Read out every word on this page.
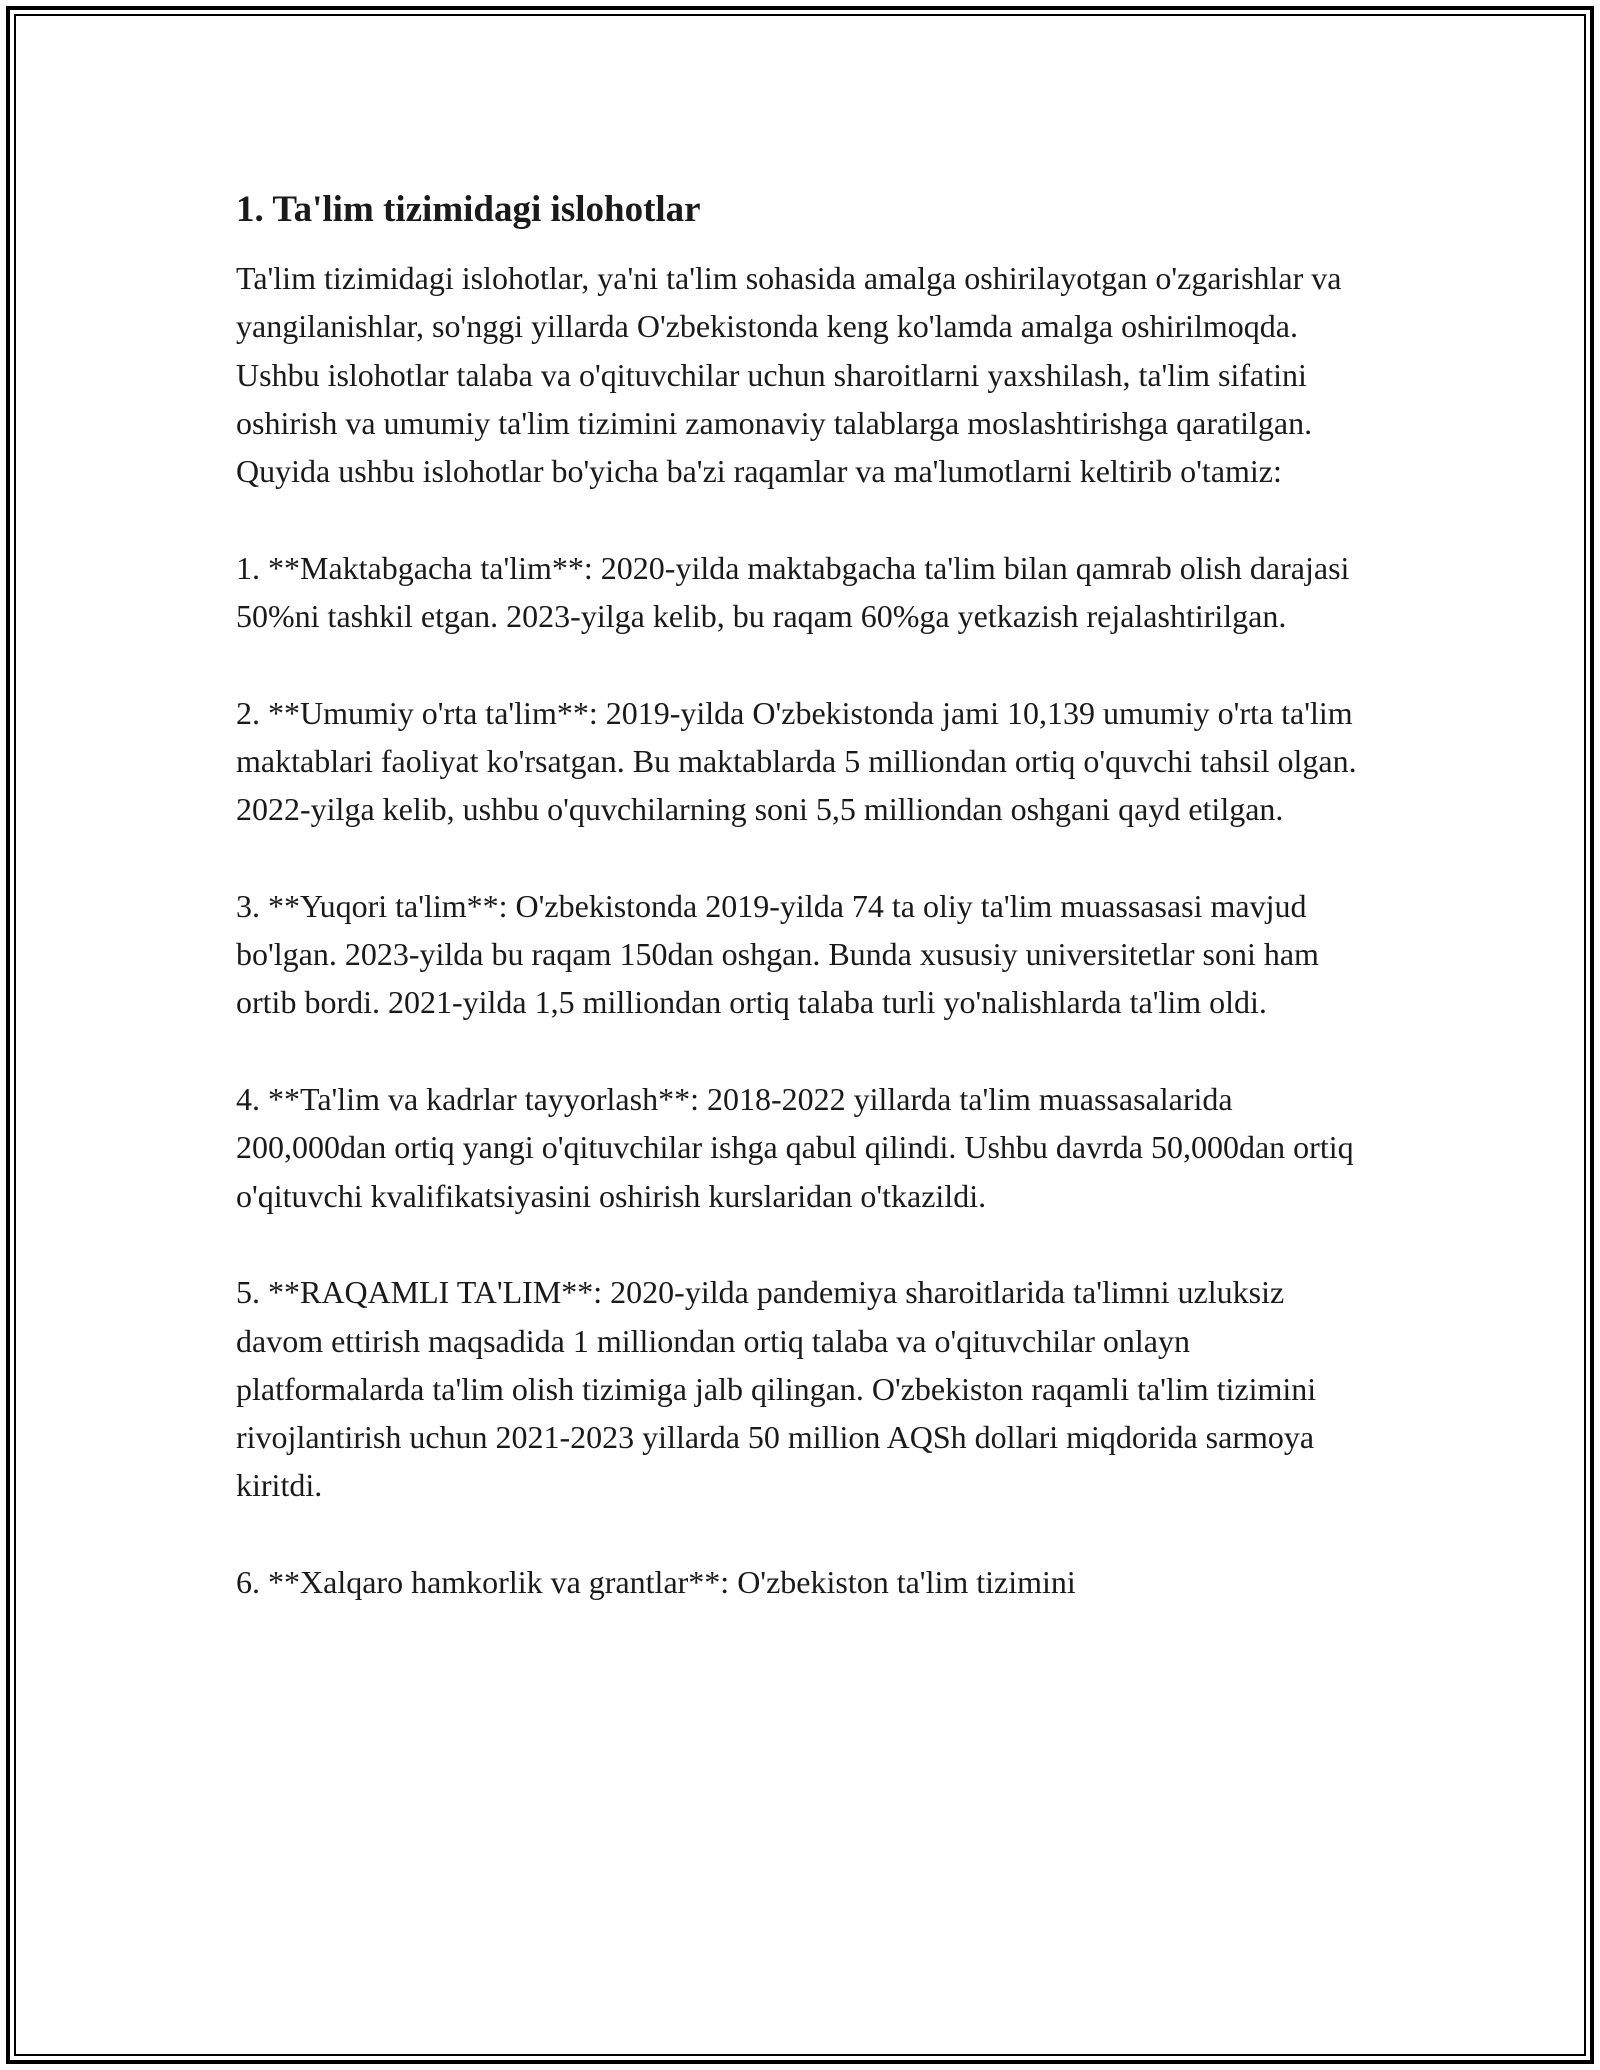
1. Ta'lim tizimidagi islohotlar

Ta'lim tizimidagi islohotlar, ya'ni ta'lim sohasida amalga oshirilayotgan o'zgarishlar va yangilanishlar, so'nggi yillarda O'zbekistonda keng ko'lamda amalga oshirilmoqda. Ushbu islohotlar talaba va o'qituvchilar uchun sharoitlarni yaxshilash, ta'lim sifatini oshirish va umumiy ta'lim tizimini zamonaviy talablarga moslashtirishga qaratilgan. Quyida ushbu islohotlar bo'yicha ba'zi raqamlar va ma'lumotlarni keltirib o'tamiz:

1. **Maktabgacha ta'lim**: 2020-yilda maktabgacha ta'lim bilan qamrab olish darajasi 50%ni tashkil etgan. 2023-yilga kelib, bu raqam 60%ga yetkazish rejalashtirilgan.

2. **Umumiy o'rta ta'lim**: 2019-yilda O'zbekistonda jami 10,139 umumiy o'rta ta'lim maktablari faoliyat ko'rsatgan. Bu maktablarda 5 milliondan ortiq o'quvchi tahsil olgan. 2022-yilga kelib, ushbu o'quvchilarning soni 5,5 milliondan oshgani qayd etilgan.

3. **Yuqori ta'lim**: O'zbekistonda 2019-yilda 74 ta oliy ta'lim muassasasi mavjud bo'lgan. 2023-yilda bu raqam 150dan oshgan. Bunda xususiy universitetlar soni ham ortib bordi. 2021-yilda 1,5 milliondan ortiq talaba turli yo'nalishlarda ta'lim oldi.

4. **Ta'lim va kadrlar tayyorlash**: 2018-2022 yillarda ta'lim muassasalarida 200,000dan ortiq yangi o'qituvchilar ishga qabul qilindi. Ushbu davrda 50,000dan ortiq o'qituvchi kvalifikatsiyasini oshirish kurslaridan o'tkazildi.

5. **RAQAMLI TA'LIM**: 2020-yilda pandemiya sharoitlarida ta'limni uzluksiz davom ettirish maqsadida 1 milliondan ortiq talaba va o'qituvchilar onlayn platformalarda ta'lim olish tizimiga jalb qilingan. O'zbekiston raqamli ta'lim tizimini rivojlantirish uchun 2021-2023 yillarda 50 million AQSh dollari miqdorida sarmoya kiritdi.

6. **Xalqaro hamkorlik va grantlar**: O'zbekiston ta'lim tizimini
